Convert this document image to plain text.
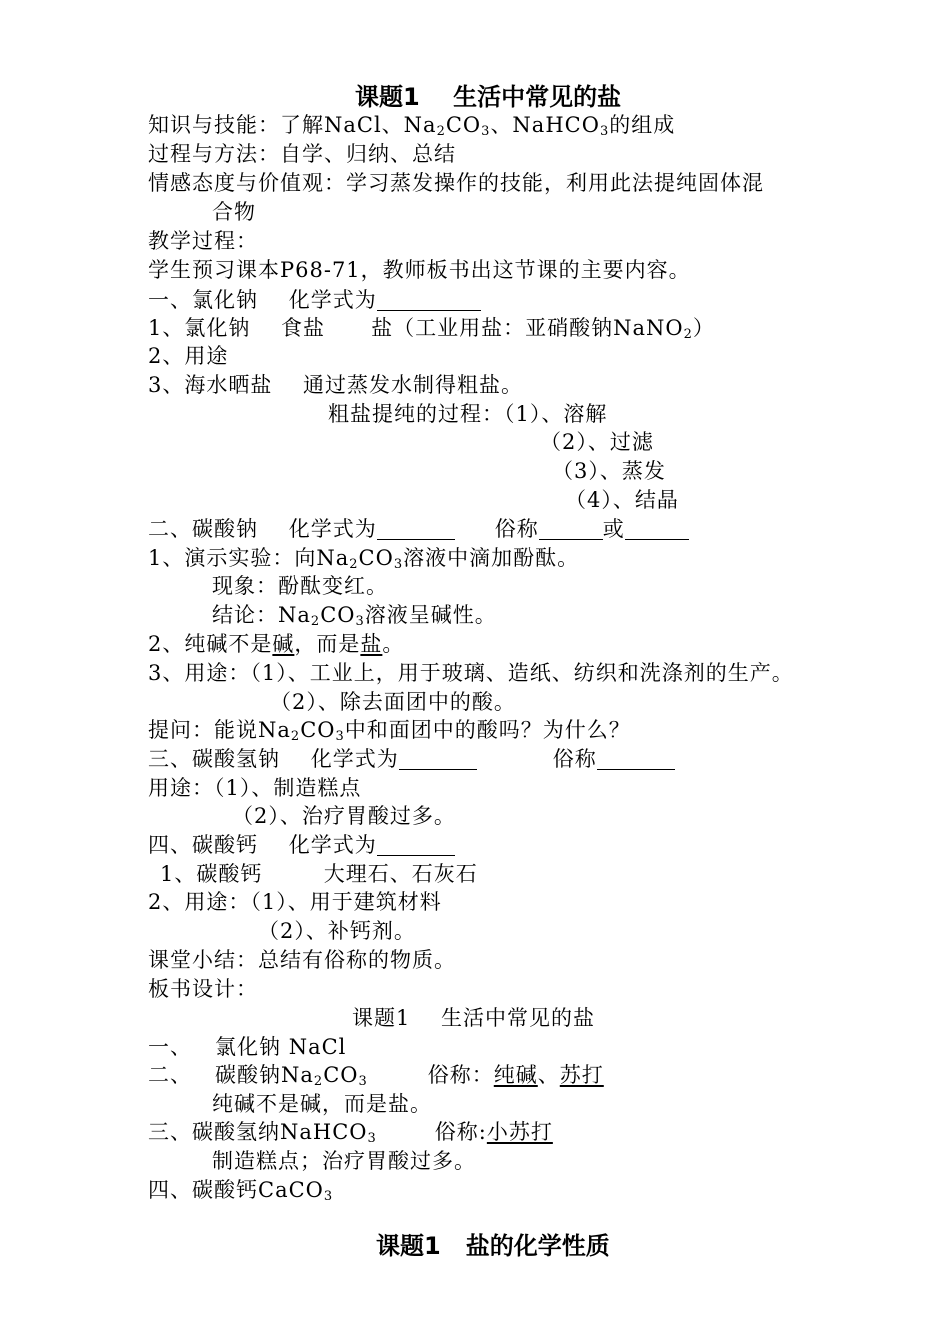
课题1    生活中常见的盐
知识与技能：了解NaCl、$Na_2CO_3$、NaHCO$_3$的组成
过程与方法：自学、归纳、总结
情感态度与价值观：学习蒸发操作的技能，利用此法提纯固体混
合物
教学过程：
学生预习课本P68-71，教师板书出这节课的主要内容。
一、氯化钠    化学式为
1、氯化钠    食盐      盐（工业用盐：亚硝酸钠NaNO$_2$）
2、用途
3、海水晒盐    通过蒸发水制得粗盐。
粗盐提纯的过程：（1）、溶解
（2）、过滤
（3）、蒸发
（4）、结晶
二、碳酸钠    化学式为	俗称	或
1、演示实验：向$Na_2CO_3$溶液中滴加酚酞。
现象：酚酞变红。
结论：$Na_2CO_3$溶液呈碱性。
2、纯碱不是碱，而是盐。
3、用途：（1）、工业上，用于玻璃、造纸、纺织和洗涤剂的生产。
（2）、除去面团中的酸。
提问：能说$Na_2CO_3$中和面团中的酸吗？为什么？
三、碳酸氢钠    化学式为	俗称
用途：（1）、制造糕点
（2）、治疗胃酸过多。
四、碳酸钙    化学式为
1、碳酸钙        大理石、石灰石
2、用途：（1）、用于建筑材料
（2）、补钙剂。
课堂小结：总结有俗称的物质。
板书设计：
课题1    生活中常见的盐
一、   氯化钠 NaCl
二、   碳酸钠$Na_2CO_3$	俗称：纯碱、苏打
纯碱不是碱，而是盐。
三、碳酸氢纳NaHCO$_3$	俗称:小苏打
制造糕点；治疗胃酸过多。
四、碳酸钙CaCO$_3$
课题1   盐的化学性质
